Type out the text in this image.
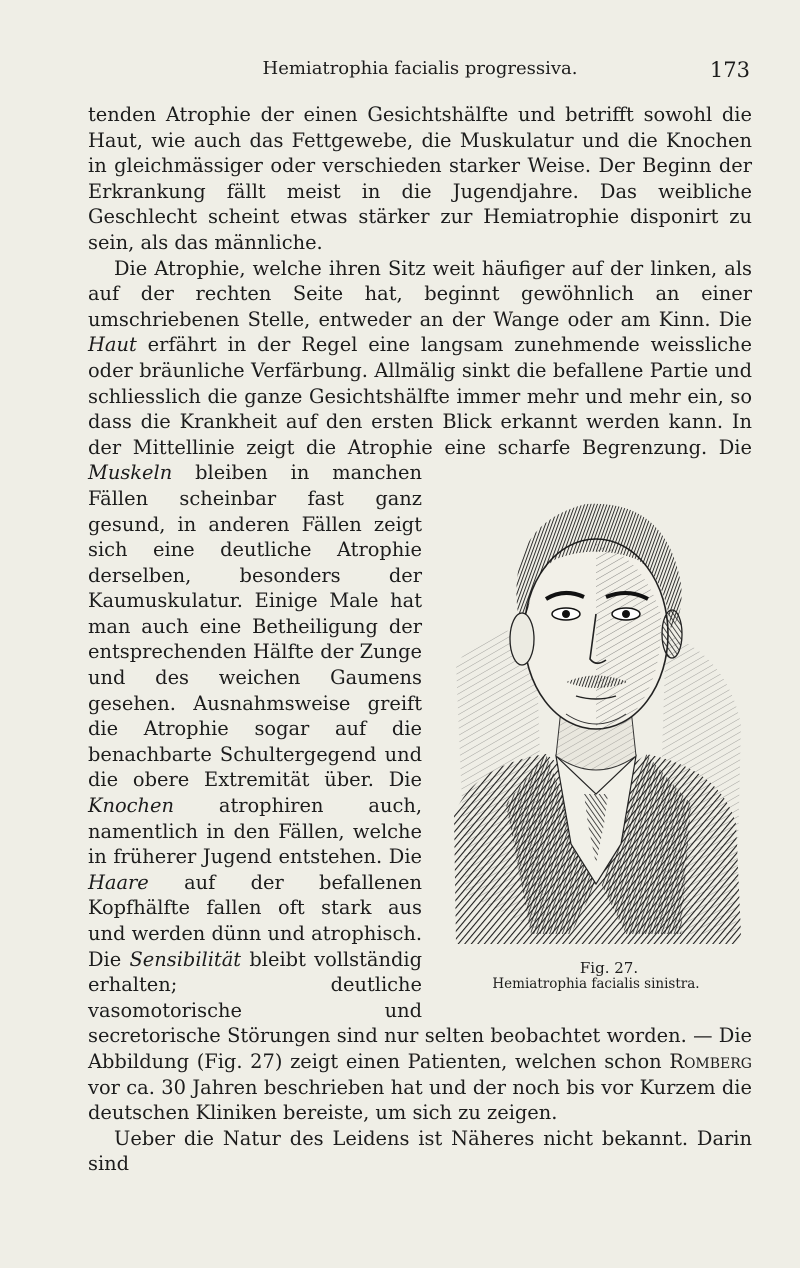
Hemiatrophia facialis progressiva.	173

tenden Atrophie der einen Gesichtshälfte und betrifft sowohl die Haut, wie auch das Fettgewebe, die Muskulatur und die Knochen in gleichmässiger oder verschieden starker Weise. Der Beginn der Erkrankung fällt meist in die Jugendjahre. Das weibliche Geschlecht scheint etwas stärker zur Hemiatrophie disponirt zu sein, als das männliche.

Die Atrophie, welche ihren Sitz weit häufiger auf der linken, als auf der rechten Seite hat, beginnt gewöhnlich an einer umschriebenen Stelle, entweder an der Wange oder am Kinn. Die Haut erfährt in der Regel eine langsam zunehmende weissliche oder bräunliche Verfärbung. Allmälig sinkt die befallene Partie und schliesslich die ganze Gesichtshälfte immer mehr und mehr ein, so dass die Krankheit auf den ersten Blick erkannt werden kann. In der Mittellinie zeigt die Atrophie eine scharfe Begrenzung. Die
Fig. 27.
Hemiatrophia facialis sinistra.
Muskeln bleiben in manchen Fällen scheinbar fast ganz gesund, in anderen Fällen zeigt sich eine deutliche Atrophie derselben, besonders der Kaumuskulatur. Einige Male hat man auch eine Betheiligung der entsprechenden Hälfte der Zunge und des weichen Gaumens gesehen. Ausnahmsweise greift die Atrophie sogar auf die benachbarte Schultergegend und die obere Extremität über. Die Knochen atrophiren auch, namentlich in den Fällen, welche in früherer Jugend entstehen. Die Haare auf der befallenen Kopfhälfte fallen oft stark aus und werden dünn und atrophisch. Die Sensibilität bleibt vollständig erhalten; deutliche vasomotorische und secretorische Störungen sind nur selten beobachtet worden. — Die Abbildung (Fig. 27) zeigt einen Patienten, welchen schon Romberg vor ca. 30 Jahren beschrieben hat und der noch bis vor Kurzem die deutschen Kliniken bereiste, um sich zu zeigen.

Ueber die Natur des Leidens ist Näheres nicht bekannt. Darin sind
